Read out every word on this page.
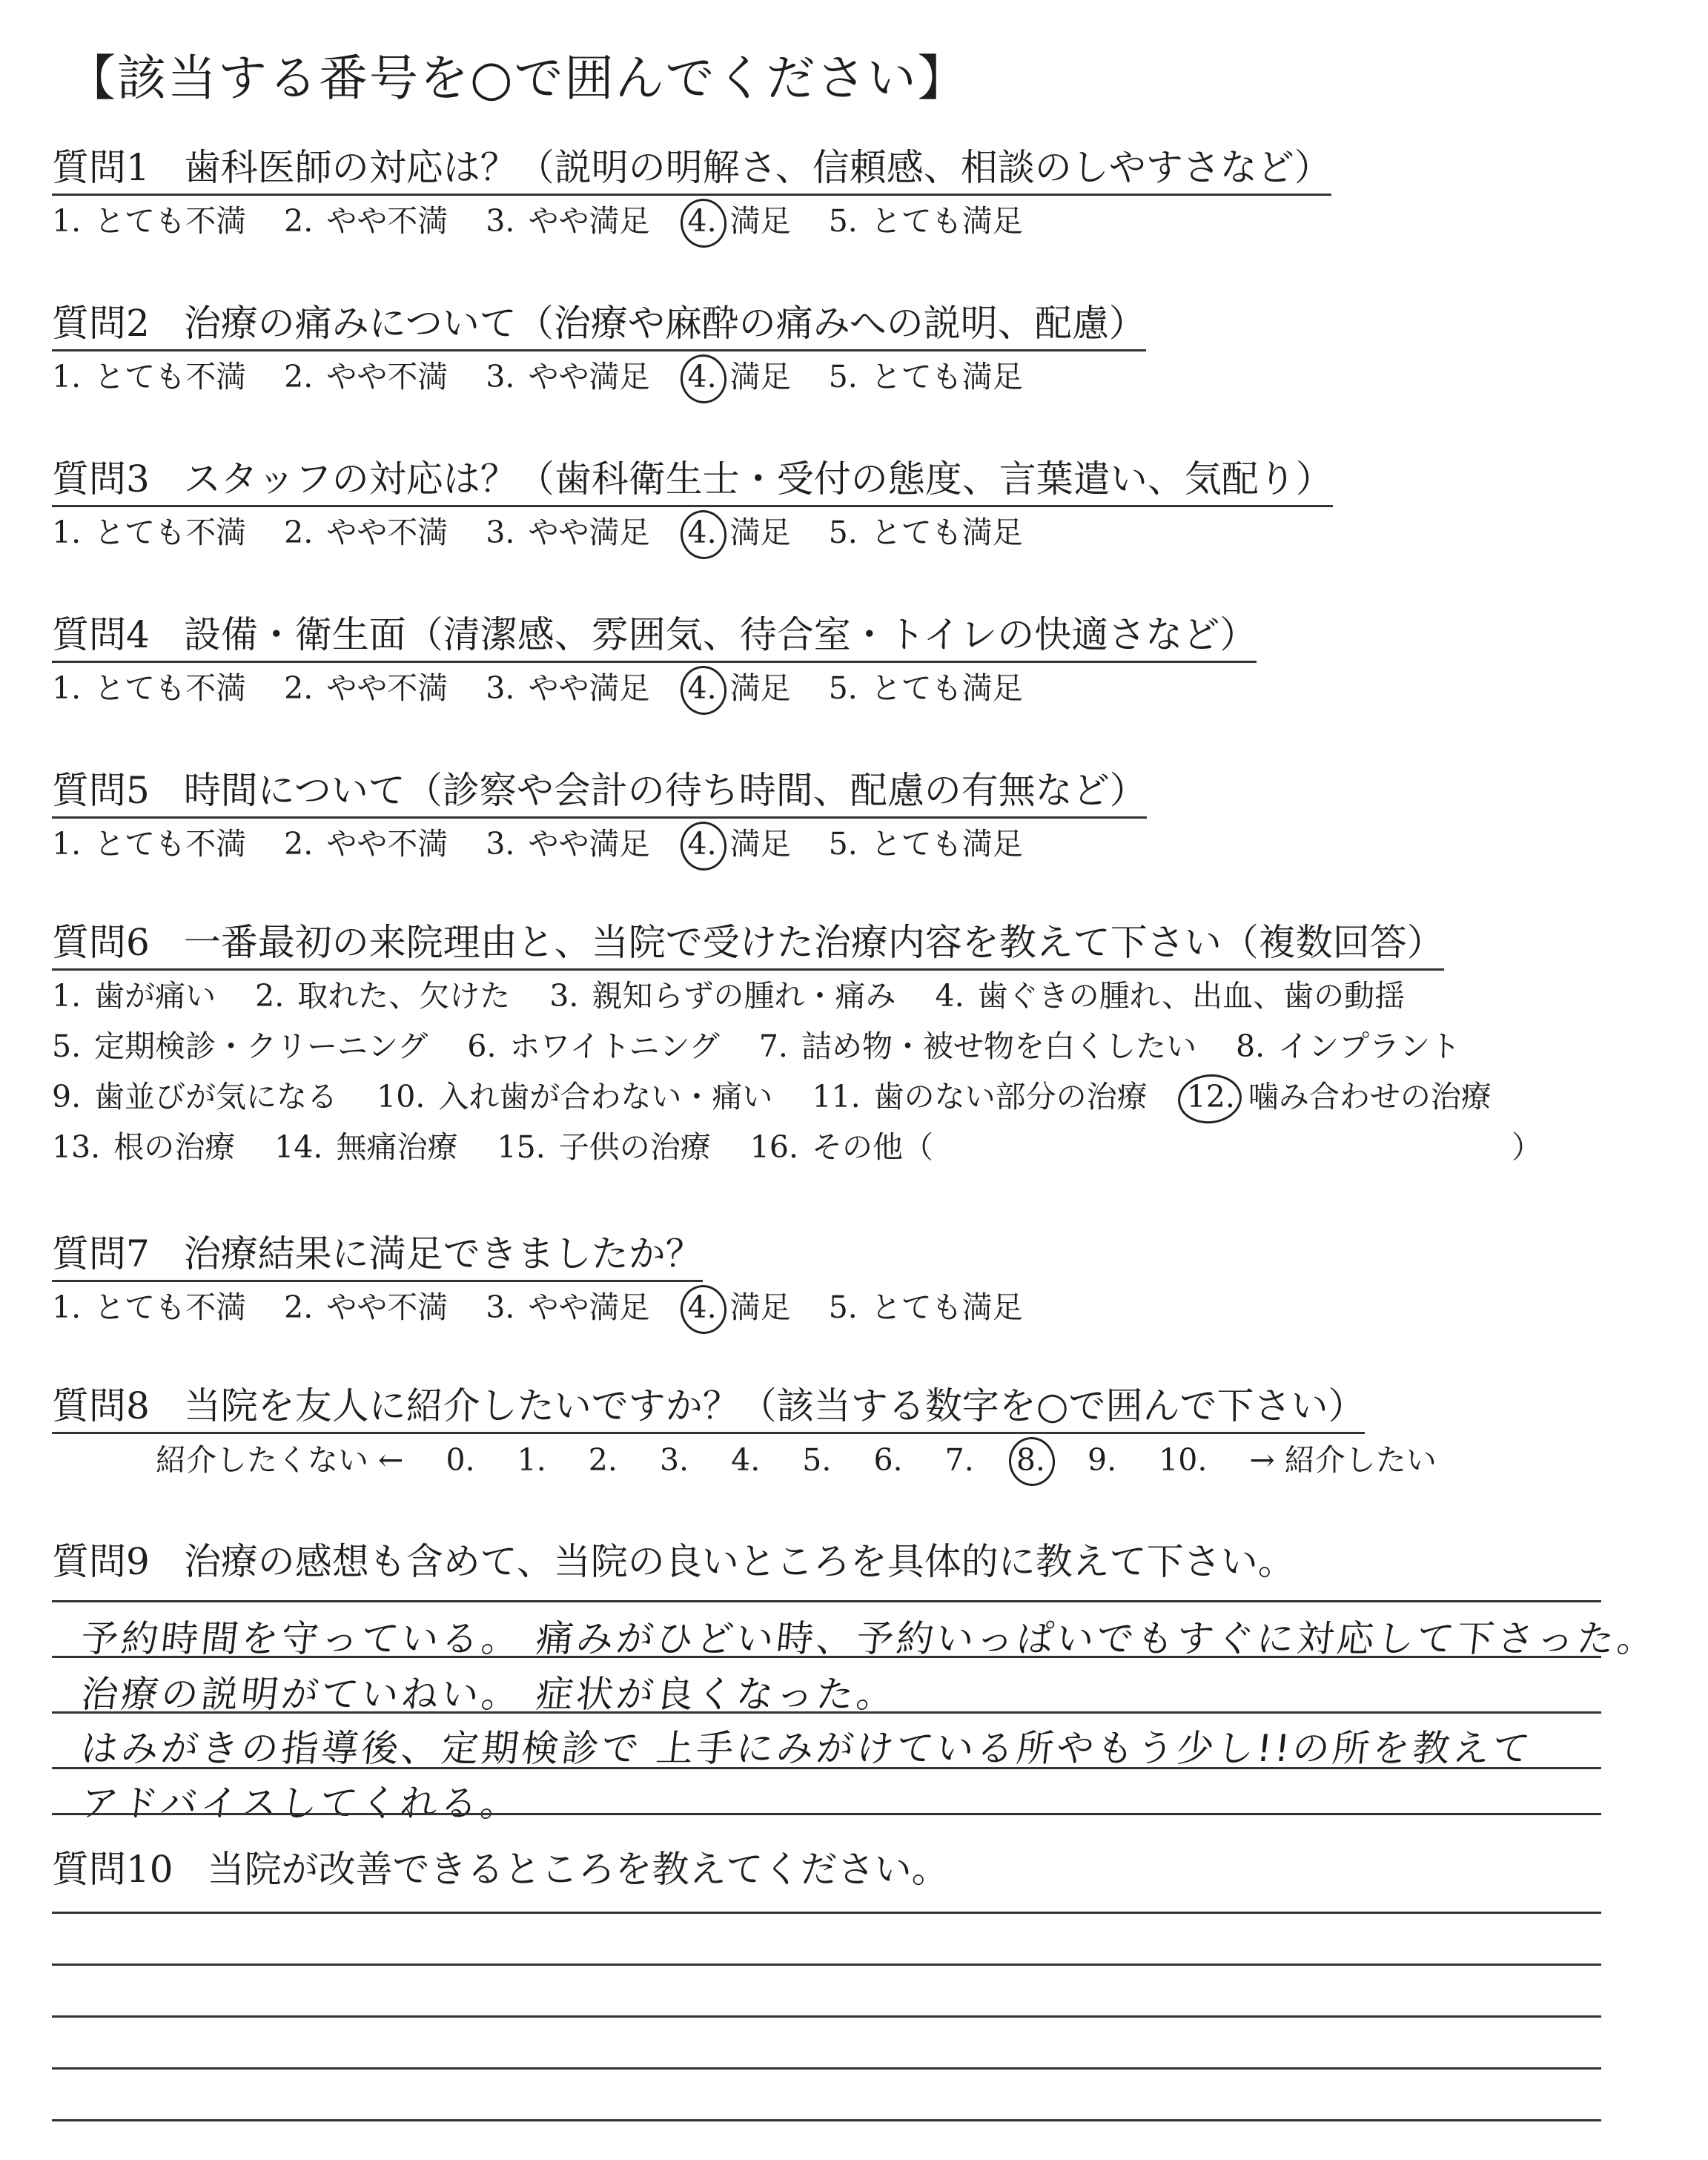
【該当する番号を○で囲んでください】
質問1 歯科医師の対応は？（説明の明解さ、信頼感、相談のしやすさなど）
1. とても不満 2. やや不満 3. やや満足 4. 満足 5. とても満足
質問2 治療の痛みについて（治療や麻酔の痛みへの説明、配慮）
1. とても不満 2. やや不満 3. やや満足 4. 満足 5. とても満足
質問3 スタッフの対応は？（歯科衛生士・受付の態度、言葉遣い、気配り）
1. とても不満 2. やや不満 3. やや満足 4. 満足 5. とても満足
質問4 設備・衛生面（清潔感、雰囲気、待合室・トイレの快適さなど）
1. とても不満 2. やや不満 3. やや満足 4. 満足 5. とても満足
質問5 時間について（診察や会計の待ち時間、配慮の有無など）
1. とても不満 2. やや不満 3. やや満足 4. 満足 5. とても満足
質問6 一番最初の来院理由と、当院で受けた治療内容を教えて下さい（複数回答）
1. 歯が痛い 2. 取れた、欠けた 3. 親知らずの腫れ・痛み 4. 歯ぐきの腫れ、出血、歯の動揺
5. 定期検診・クリーニング 6. ホワイトニング 7. 詰め物・被せ物を白くしたい 8. インプラント
9. 歯並びが気になる 10. 入れ歯が合わない・痛い 11. 歯のない部分の治療 12. 噛み合わせの治療
13. 根の治療 14. 無痛治療 15. 子供の治療 16. その他（	）
質問7 治療結果に満足できましたか？
1. とても不満 2. やや不満 3. やや満足 4. 満足 5. とても満足
質問8 当院を友人に紹介したいですか？（該当する数字を○で囲んで下さい）
紹介したくない ← 0. 1. 2. 3. 4. 5. 6. 7. 8. 9. 10. → 紹介したい
質問9 治療の感想も含めて、当院の良いところを具体的に教えて下さい。
予約時間を守っている。 痛みがひどい時、予約いっぱいでもすぐに対応して下さった。
治療の説明がていねい。 症状が良くなった。
はみがきの指導後、定期検診で 上手にみがけている所やもう少し!!の所を教えて
アドバイスしてくれる。
質問10 当院が改善できるところを教えてください。
